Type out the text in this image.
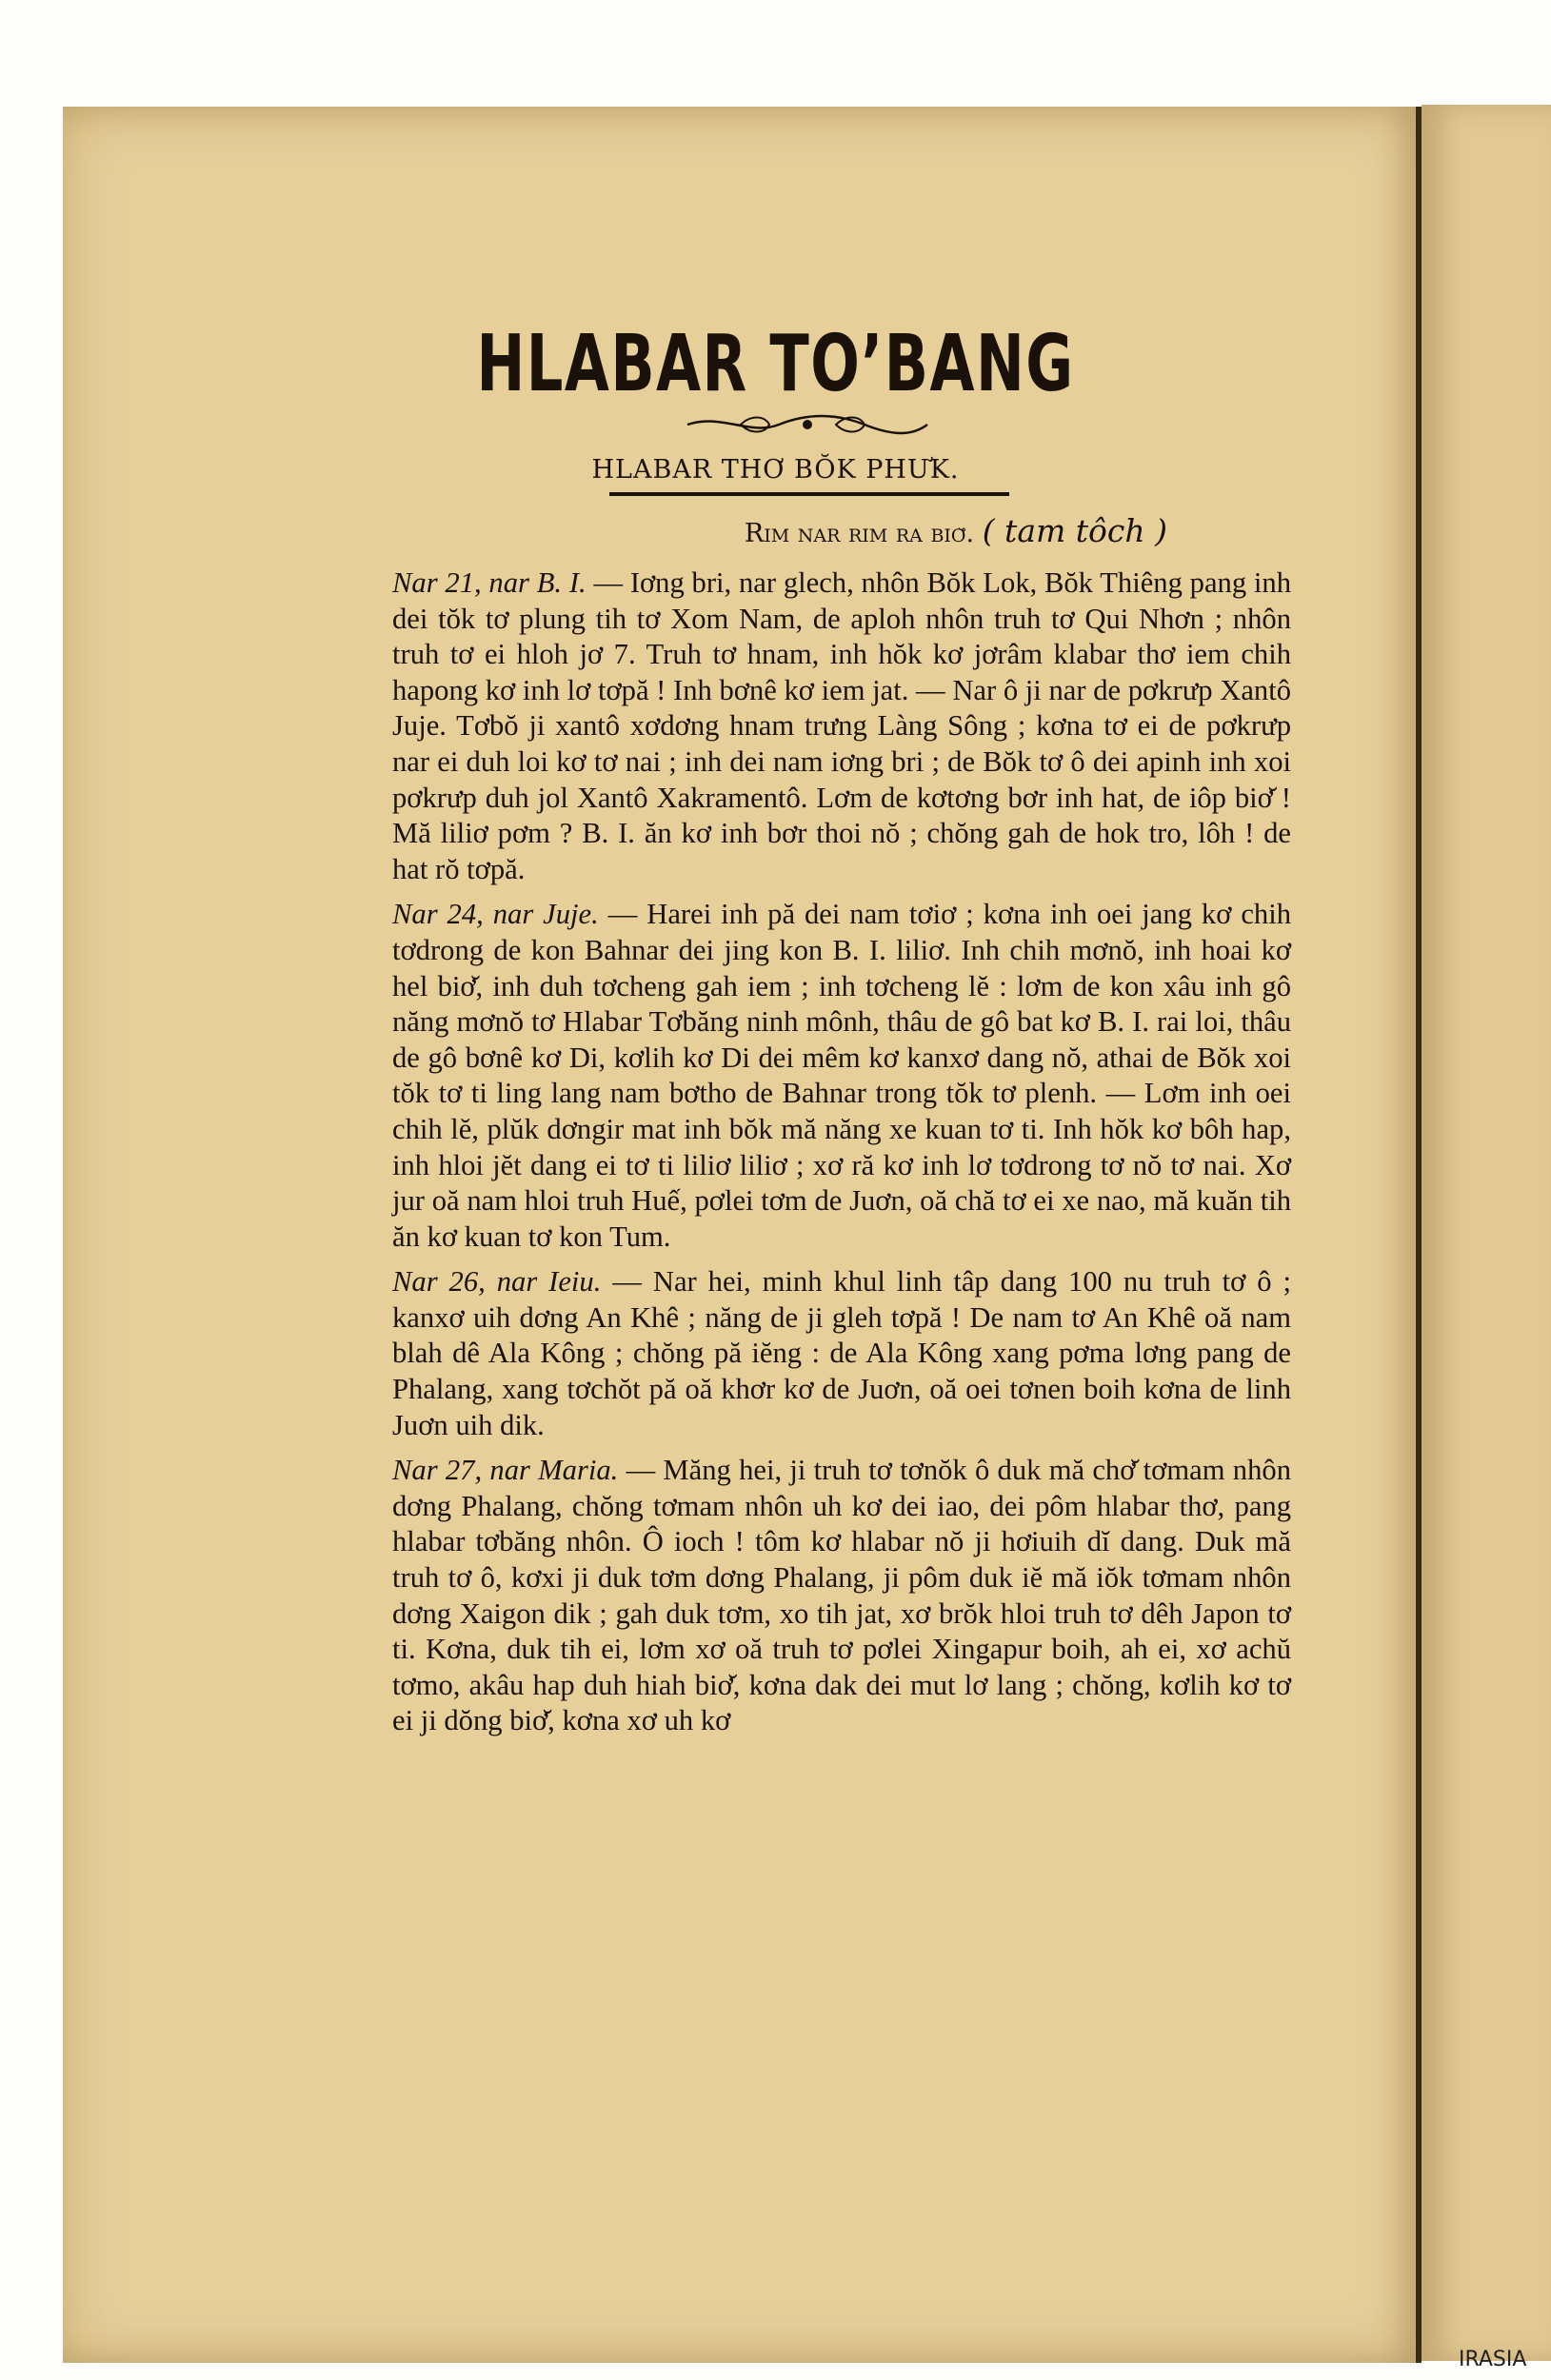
HLABAR TO’BANG
HLABAR THƠ BŎK PHƯK.
Rim nar rim ra biơ̆. ( tam tôch )

Nar 21, nar B. I. — Iơng bri, nar glech, nhôn Bŏk Lok, Bŏk Thiêng pang inh dei tŏk tơ plung tih tơ Xom Nam, de aploh nhôn truh tơ Qui Nhơn ; nhôn truh tơ ei hloh jơ 7. Truh tơ hnam, inh hŏk kơ jơrâm klabar thơ iem chih hapong kơ inh lơ tơpă ! Inh bơnê kơ iem jat. — Nar ô ji nar de pơkrưp Xantô Juje. Tơbŏ ji xantô xơdơng hnam trưng Làng Sông ; kơna tơ ei de pơkrưp nar ei duh loi kơ tơ nai ; inh dei nam iơng bri ; de Bŏk tơ ô dei apinh inh xoi pơkrưp duh jol Xantô Xakramentô. Lơm de kơtơng bơr inh hat, de iôp biơ̆ ! Mă liliơ pơm ? B. I. ăn kơ inh bơr thoi nŏ ; chŏng gah de hok tro, lôh ! de hat rŏ tơpă.

Nar 24, nar Juje. — Harei inh pă dei nam tơiơ ; kơna inh oei jang kơ chih tơdrong de kon Bahnar dei jing kon B. I. liliơ. Inh chih mơnŏ, inh hoai kơ hel biơ̆, inh duh tơcheng gah iem ; inh tơcheng lĕ : lơm de kon xâu inh gô năng mơnŏ tơ Hlabar Tơbăng ninh mônh, thâu de gô bat kơ B. I. rai loi, thâu de gô bơnê kơ Di, kơlih kơ Di dei mêm kơ kanxơ dang nŏ, athai de Bŏk xoi tŏk tơ ti ling lang nam bơtho de Bahnar trong tŏk tơ plenh. — Lơm inh oei chih lĕ, plŭk dơngir mat inh bŏk mă năng xe kuan tơ ti. Inh hŏk kơ bôh hap, inh hloi jĕt dang ei tơ ti liliơ liliơ ; xơ ră kơ inh lơ tơdrong tơ nŏ tơ nai. Xơ jur oă nam hloi truh Huế, pơlei tơm de Juơn, oă chă tơ ei xe nao, mă kuăn tih ăn kơ kuan tơ kon Tum.

Nar 26, nar Ieiu. — Nar hei, minh khul linh tâp dang 100 nu truh tơ ô ; kanxơ uih dơng An Khê ; năng de ji gleh tơpă ! De nam tơ An Khê oă nam blah dê Ala Kông ; chŏng pă iĕng : de Ala Kông xang pơma lơng pang de Phalang, xang tơchŏt pă oă khơr kơ de Juơn, oă oei tơnen boih kơna de linh Juơn uih dik.

Nar 27, nar Maria. — Măng hei, ji truh tơ tơnŏk ô duk mă chơ̆ tơmam nhôn dơng Phalang, chŏng tơmam nhôn uh kơ dei iao, dei pôm hlabar thơ, pang hlabar tơbăng nhôn. Ô ioch ! tôm kơ hlabar nŏ ji hơiuih dĭ dang. Duk mă truh tơ ô, kơxi ji duk tơm dơng Phalang, ji pôm duk iĕ mă iŏk tơmam nhôn dơng Xaigon dik ; gah duk tơm, xo tih jat, xơ brŏk hloi truh tơ dêh Japon tơ ti. Kơna, duk tih ei, lơm xơ oă truh tơ pơlei Xingapur boih, ah ei, xơ achŭ tơmo, akâu hap duh hiah biơ̆, kơna dak dei mut lơ lang ; chŏng, kơlih kơ tơ ei ji dŏng biơ̆, kơna xơ uh kơ

IRASIA
